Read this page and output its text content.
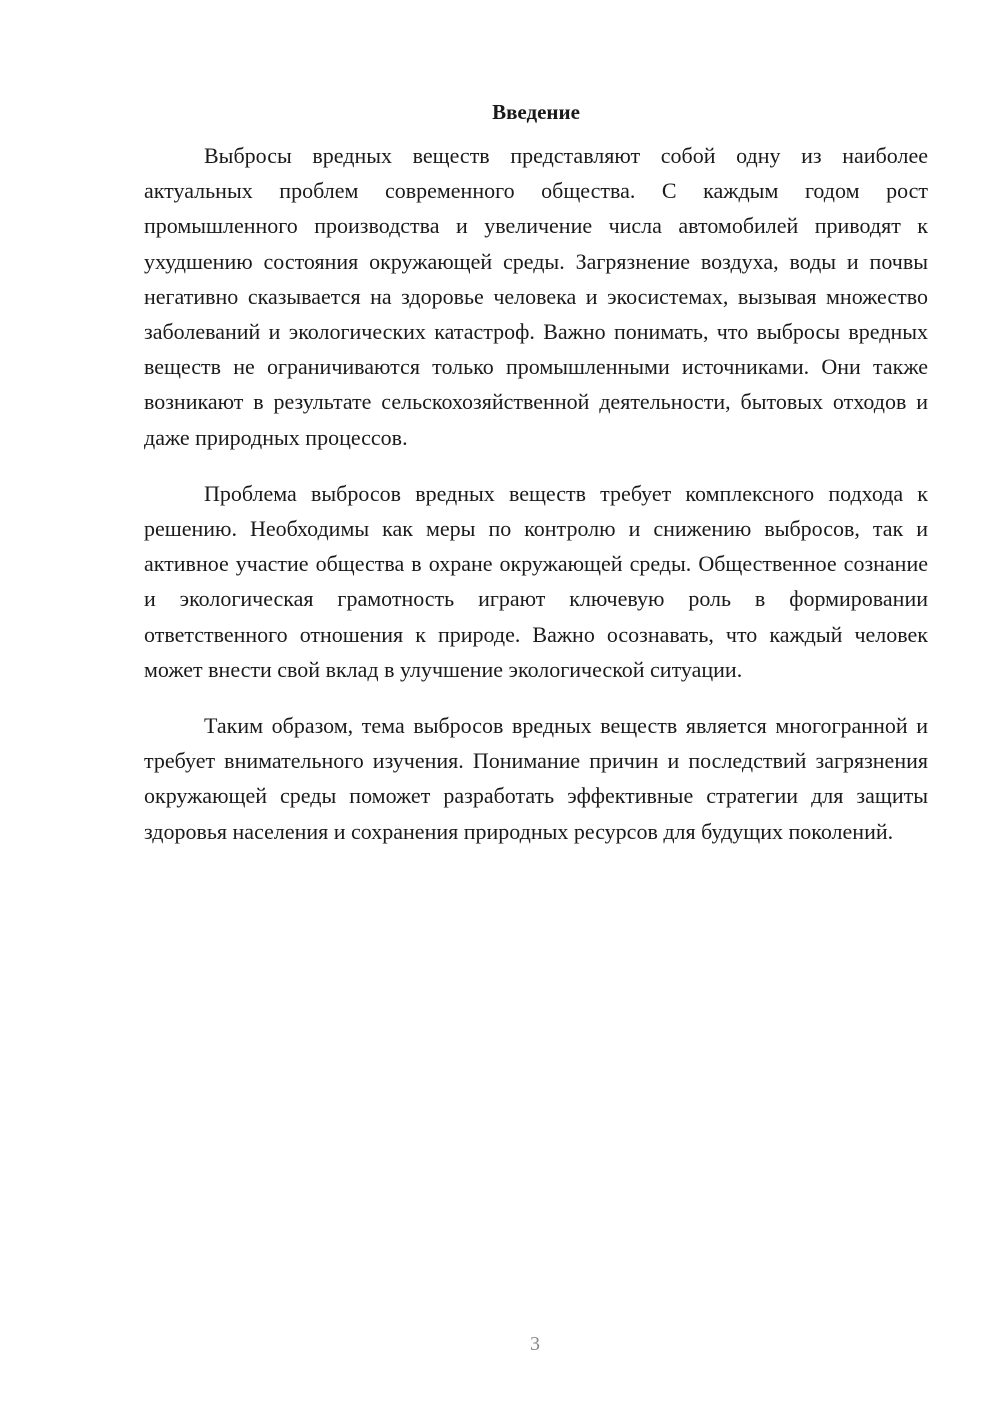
Введение

Выбросы вредных веществ представляют собой одну из наиболее актуальных проблем современного общества. С каждым годом рост промышленного производства и увеличение числа автомобилей приводят к ухудшению состояния окружающей среды. Загрязнение воздуха, воды и почвы негативно сказывается на здоровье человека и экосистемах, вызывая множество заболеваний и экологических катастроф. Важно понимать, что выбросы вредных веществ не ограничиваются только промышленными источниками. Они также возникают в результате сельскохозяйственной деятельности, бытовых отходов и даже природных процессов.

Проблема выбросов вредных веществ требует комплексного подхода к решению. Необходимы как меры по контролю и снижению выбросов, так и активное участие общества в охране окружающей среды. Общественное сознание и экологическая грамотность играют ключевую роль в формировании ответственного отношения к природе. Важно осознавать, что каждый человек может внести свой вклад в улучшение экологической ситуации.

Таким образом, тема выбросов вредных веществ является многогранной и требует внимательного изучения. Понимание причин и последствий загрязнения окружающей среды поможет разработать эффективные стратегии для защиты здоровья населения и сохранения природных ресурсов для будущих поколений.

3
